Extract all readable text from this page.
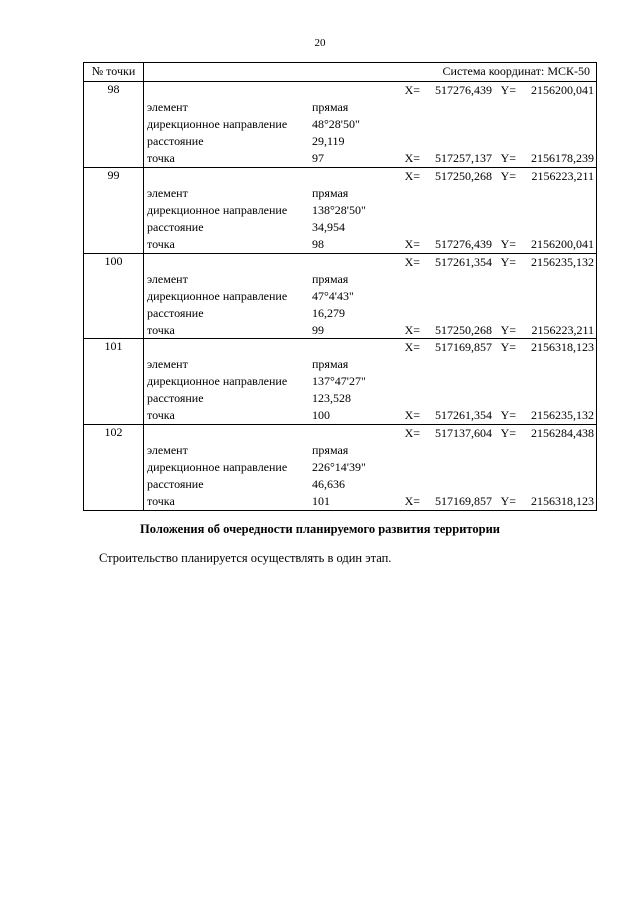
20
№ точки	Система координат: МСК-50
98	X=	517276,439 Y=	2156200,041
элемент	прямая
дирекционное направление	48°28'50"
расстояние	29,119
точка	97	X=	517257,137 Y=	2156178,239
99	X=	517250,268 Y=	2156223,211
элемент	прямая
дирекционное направление	138°28'50"
расстояние	34,954
точка	98	X=	517276,439 Y=	2156200,041
100	X=	517261,354 Y=	2156235,132
элемент	прямая
дирекционное направление	47°4'43"
расстояние	16,279
точка	99	X=	517250,268 Y=	2156223,211
101	X=	517169,857 Y=	2156318,123
элемент	прямая
дирекционное направление	137°47'27"
расстояние	123,528
точка	100	X=	517261,354 Y=	2156235,132
102	X=	517137,604 Y=	2156284,438
элемент	прямая
дирекционное направление	226°14'39"
расстояние	46,636
точка	101	X=	517169,857 Y=	2156318,123
Положения об очередности планируемого развития территории
Строительство планируется осуществлять в один этап.
